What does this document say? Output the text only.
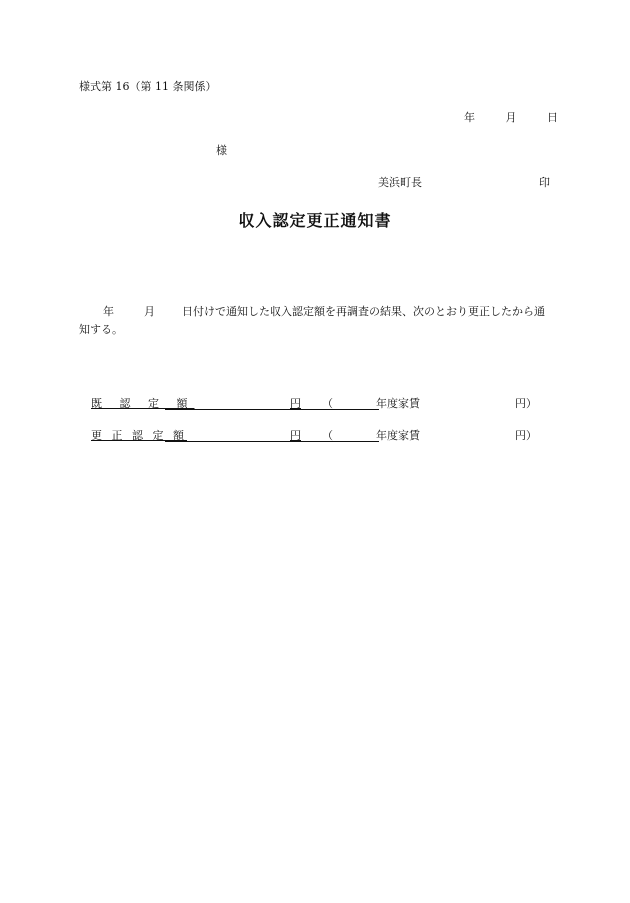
様式第 16（第 11 条関係）
年	月	日
様
美浜町長	印
収入認定更正通知書
年	月 日付けで通知した収入認定額を再調査の結果、次のとおり更正したから通知する。
既 認 定 額	円 （	年度家賃	円）
更 正 認 定 額	円 （	年度家賃	円）
